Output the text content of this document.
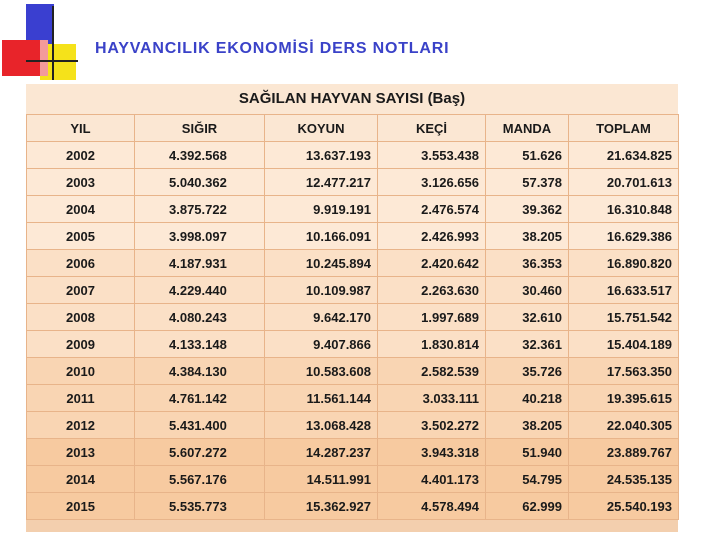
HAYVANCILIK EKONOMİSİ DERS NOTLARI
SAĞILAN HAYVAN SAYISI (Baş)
YIL	SIĞIR	KOYUN	KEÇİ	MANDA	TOPLAM
2002	4.392.568	13.637.193	3.553.438	51.626	21.634.825
2003	5.040.362	12.477.217	3.126.656	57.378	20.701.613
2004	3.875.722	9.919.191	2.476.574	39.362	16.310.848
2005	3.998.097	10.166.091	2.426.993	38.205	16.629.386
2006	4.187.931	10.245.894	2.420.642	36.353	16.890.820
2007	4.229.440	10.109.987	2.263.630	30.460	16.633.517
2008	4.080.243	9.642.170	1.997.689	32.610	15.751.542
2009	4.133.148	9.407.866	1.830.814	32.361	15.404.189
2010	4.384.130	10.583.608	2.582.539	35.726	17.563.350
2011	4.761.142	11.561.144	3.033.111	40.218	19.395.615
2012	5.431.400	13.068.428	3.502.272	38.205	22.040.305
2013	5.607.272	14.287.237	3.943.318	51.940	23.889.767
2014	5.567.176	14.511.991	4.401.173	54.795	24.535.135
2015	5.535.773	15.362.927	4.578.494	62.999	25.540.193
